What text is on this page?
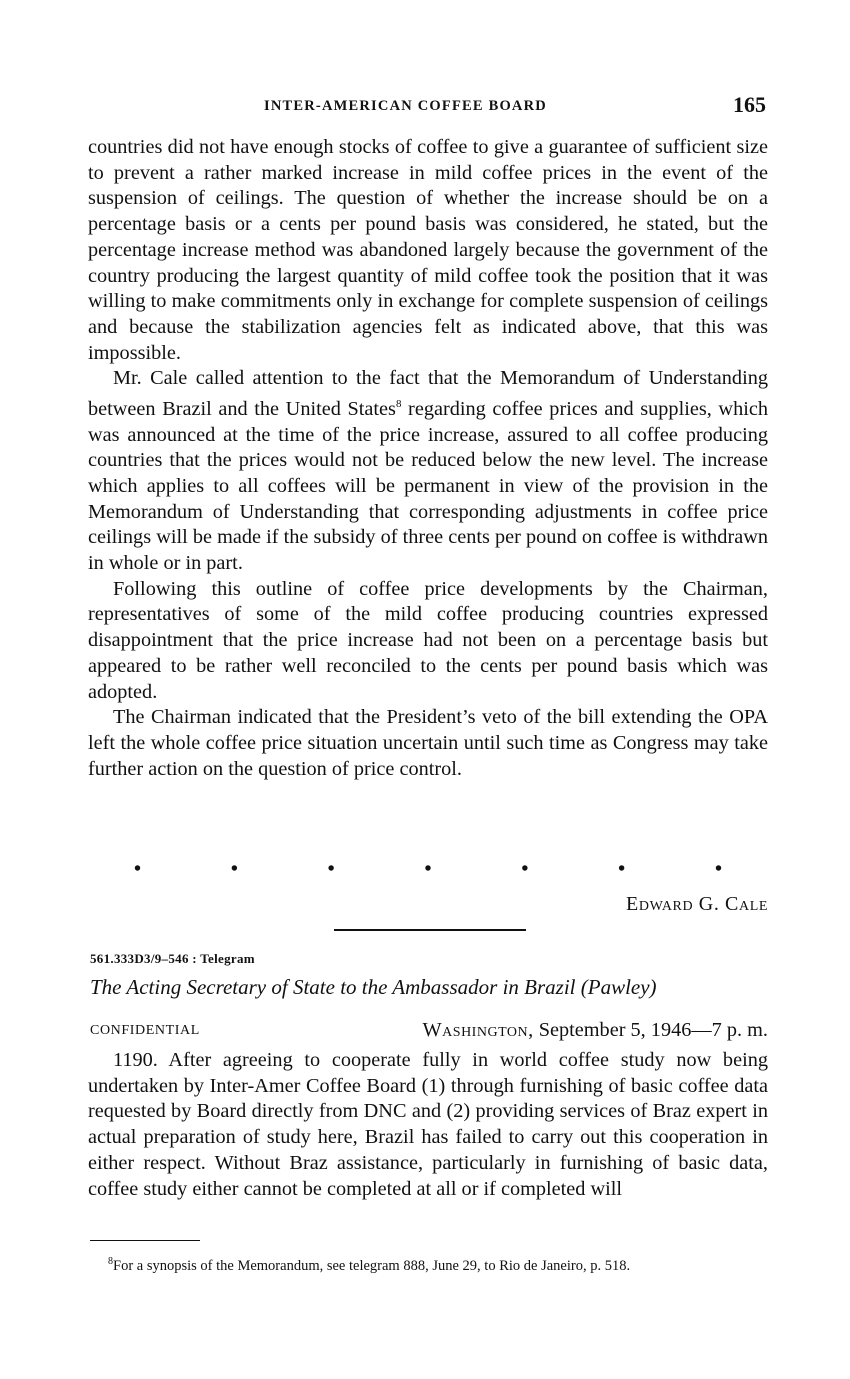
INTER-AMERICAN COFFEE BOARD	165

countries did not have enough stocks of coffee to give a guarantee of sufficient size to prevent a rather marked increase in mild coffee prices in the event of the suspension of ceilings. The question of whether the increase should be on a percentage basis or a cents per pound basis was considered, he stated, but the percentage increase method was abandoned largely because the government of the country producing the largest quantity of mild coffee took the position that it was willing to make commitments only in exchange for complete suspension of ceilings and because the stabilization agencies felt as indicated above, that this was impossible.

Mr. Cale called attention to the fact that the Memorandum of Understanding between Brazil and the United States$^8$ regarding coffee prices and supplies, which was announced at the time of the price increase, assured to all coffee producing countries that the prices would not be reduced below the new level. The increase which applies to all coffees will be permanent in view of the provision in the Memorandum of Understanding that corresponding adjustments in coffee price ceilings will be made if the subsidy of three cents per pound on coffee is withdrawn in whole or in part.

Following this outline of coffee price developments by the Chairman, representatives of some of the mild coffee producing countries expressed disappointment that the price increase had not been on a percentage basis but appeared to be rather well reconciled to the cents per pound basis which was adopted.

The Chairman indicated that the President’s veto of the bill extending the OPA left the whole coffee price situation uncertain until such time as Congress may take further action on the question of price control.

•	•	•	•	•	•	•
Edward G. Cale
561.333D3/9–546 : Telegram
The Acting Secretary of State to the Ambassador in Brazil (Pawley)
CONFIDENTIAL	Washington, September 5, 1946—7 p. m.

1190. After agreeing to cooperate fully in world coffee study now being undertaken by Inter-Amer Coffee Board (1) through furnishing of basic coffee data requested by Board directly from DNC and (2) providing services of Braz expert in actual preparation of study here, Brazil has failed to carry out this cooperation in either respect. Without Braz assistance, particularly in furnishing of basic data, coffee study either cannot be completed at all or if completed will

$^8$For a synopsis of the Memorandum, see telegram 888, June 29, to Rio de Janeiro, p. 518.
